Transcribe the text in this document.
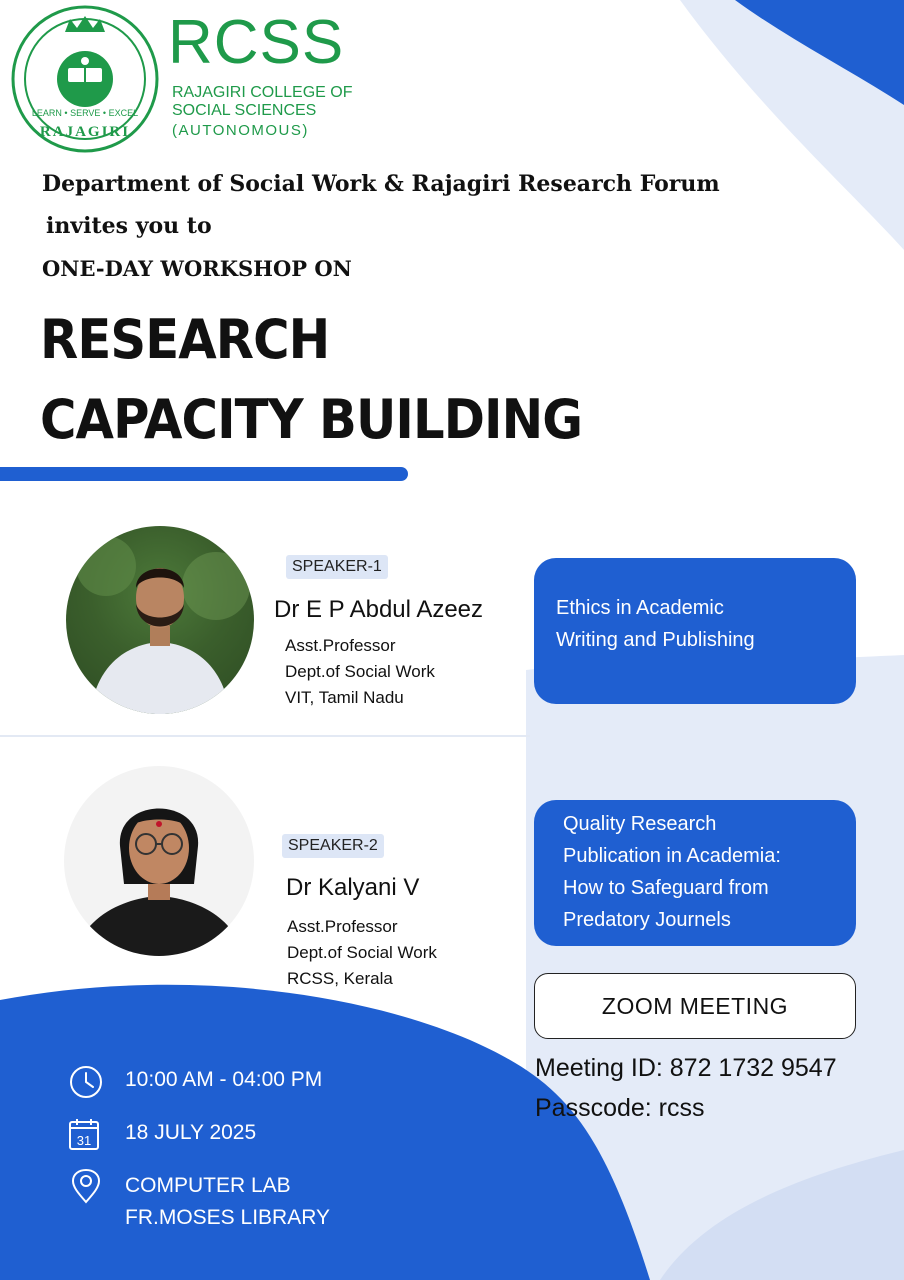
LEARN • SERVE • EXCEL
RAJAGIRI
RCSS
RAJAGIRI COLLEGE OF
SOCIAL SCIENCES
(AUTONOMOUS)
Department of Social Work & Rajagiri Research Forum
invites you to
ONE-DAY WORKSHOP ON
RESEARCH
CAPACITY BUILDING
SPEAKER-1
Dr E P Abdul Azeez
Asst.Professor
Dept.of Social Work
VIT, Tamil Nadu
Ethics in Academic
Writing and Publishing
SPEAKER-2
Dr Kalyani V
Asst.Professor
Dept.of Social Work
RCSS, Kerala
Quality Research
Publication in Academia:
How to Safeguard from
Predatory Journels
ZOOM MEETING
Meeting ID: 872 1732 9547
Passcode: rcss
10:00 AM - 04:00 PM
31 18 JULY 2025
COMPUTER LAB
FR.MOSES LIBRARY
